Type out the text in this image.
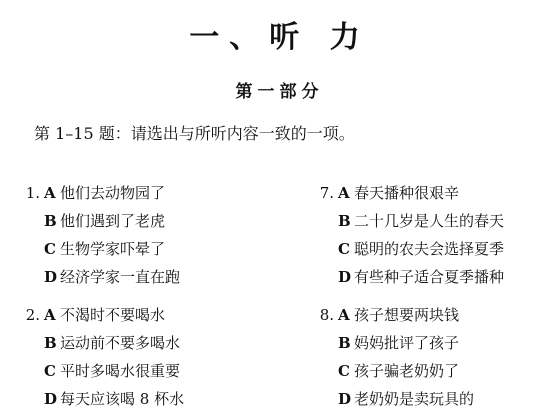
一、听 力
第一部分
第 1–15 题：请选出与所听内容一致的一项。
1. A 他们去动物园了
B 他们遇到了老虎
C 生物学家吓晕了
D 经济学家一直在跑
2. A 不渴时不要喝水
B 运动前不要多喝水
C 平时多喝水很重要
D 每天应该喝 8 杯水
7. A 春天播种很艰辛
B 二十几岁是人生的春天
C 聪明的农夫会选择夏季
D 有些种子适合夏季播种
8. A 孩子想要两块钱
B 妈妈批评了孩子
C 孩子骗老奶奶了
D 老奶奶是卖玩具的
